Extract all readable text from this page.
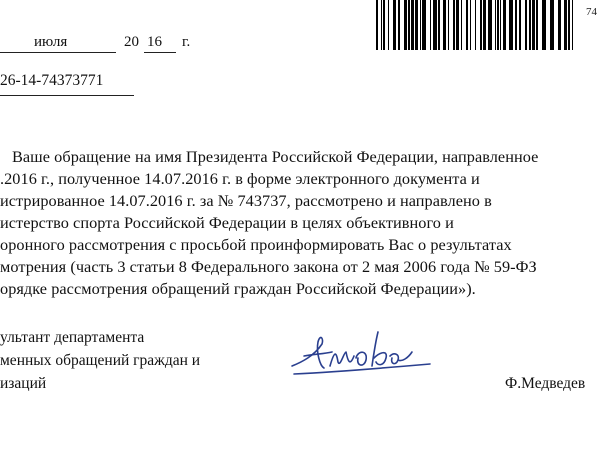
июля	20 16 г.
26-14-74373771
74
Ваше обращение на имя Президента Российской Федерации, направленное
.2016 г., полученное 14.07.2016 г. в форме электронного документа и
истрированное 14.07.2016 г. за № 743737, рассмотрено и направлено в
истерство спорта Российской Федерации в целях объективного и
оронного рассмотрения с просьбой проинформировать Вас о результатах
мотрения (часть 3 статьи 8 Федерального закона от 2 мая 2006 года № 59-ФЗ
орядке рассмотрения обращений граждан Российской Федерации»).
ультант департамента
менных обращений граждан и
изаций	Ф.Медведев
